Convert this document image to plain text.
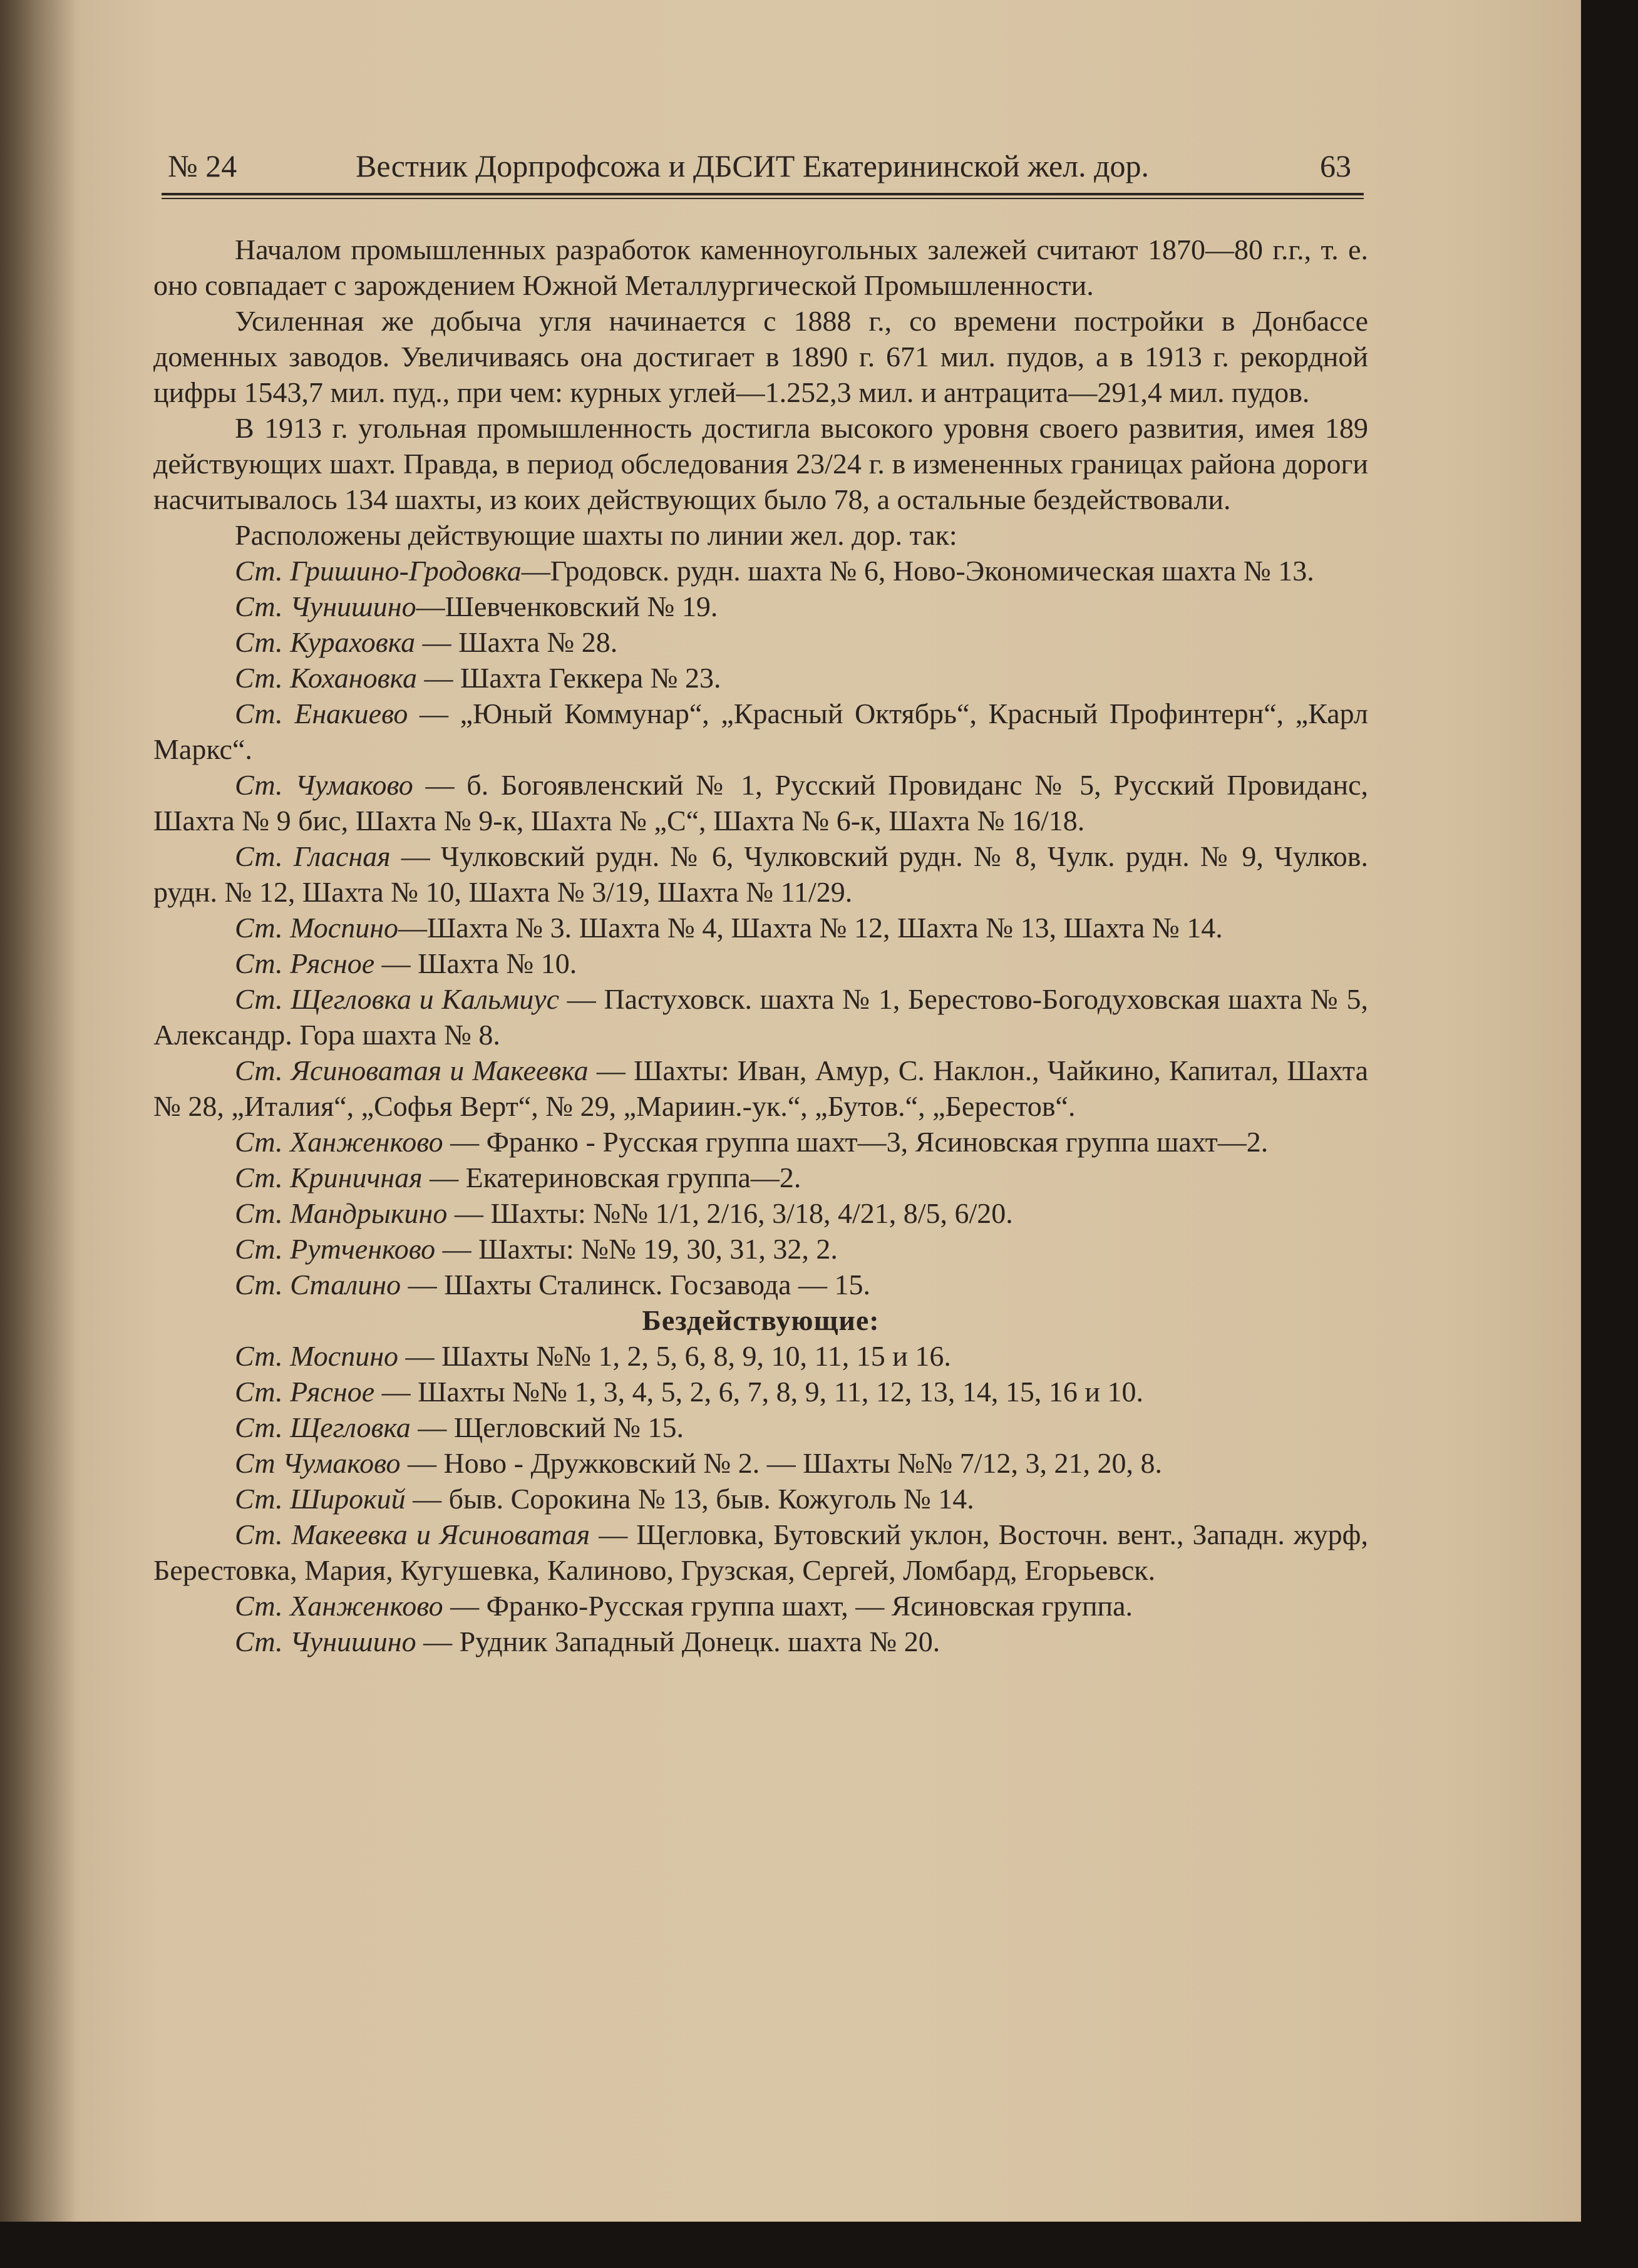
№ 24	Вестник Дорпрофсожа и ДБСИТ Екатерининской жел. дор.	63

Началом промышленных разработок каменноугольных залежей считают 1870—80 г.г., т. е. оно совпадает с зарождением Южной Металлургической Промышленности.

Усиленная же добыча угля начинается с 1888 г., со времени постройки в Донбассе доменных заводов. Увеличиваясь она достигает в 1890 г. 671 мил. пудов, а в 1913 г. рекордной цифры 1543,7 мил. пуд., при чем: курных углей—1.252,3 мил. и антрацита—291,4 мил. пудов.

В 1913 г. угольная промышленность достигла высокого уровня своего развития, имея 189 действующих шахт. Правда, в период обследования 23/24 г. в измененных границах района дороги насчитывалось 134 шахты, из коих действующих было 78, а остальные бездействовали.

Расположены действующие шахты по линии жел. дор. так:

Ст. Гришино-Гродовка—Гродовск. рудн. шахта № 6, Ново-Экономическая шахта № 13.

Ст. Чунишино—Шевченковский № 19.

Ст. Кураховка — Шахта № 28.

Ст. Кохановка — Шахта Геккера № 23.

Ст. Енакиево — „Юный Коммунар“, „Красный Октябрь“, Красный Профинтерн“, „Карл Маркс“.

Ст. Чумаково — б. Богоявленский № 1, Русский Провиданс № 5, Русский Провиданс, Шахта № 9 бис, Шахта № 9-к, Шахта № „С“, Шахта № 6-к, Шахта № 16/18.

Ст. Гласная — Чулковский рудн. № 6, Чулковский рудн. № 8, Чулк. рудн. № 9, Чулков. рудн. № 12, Шахта № 10, Шахта № 3/19, Шахта № 11/29.

Ст. Моспино—Шахта № 3. Шахта № 4, Шахта № 12, Шахта № 13, Шахта № 14.

Ст. Рясное — Шахта № 10.

Ст. Щегловка и Кальмиус — Пастуховск. шахта № 1, Берестово-Богодуховская шахта № 5, Александр. Гора шахта № 8.

Ст. Ясиноватая и Макеевка — Шахты: Иван, Амур, С. Наклон., Чайкино, Капитал, Шахта № 28, „Италия“, „Софья Верт“, № 29, „Мариин.-ук.“, „Бутов.“, „Берестов“.

Ст. Ханженково — Франко - Русская группа шахт—3, Ясиновская группа шахт—2.

Ст. Криничная — Екатериновская группа—2.

Ст. Мандрыкино — Шахты: №№ 1/1, 2/16, 3/18, 4/21, 8/5, 6/20.

Ст. Рутченково — Шахты: №№ 19, 30, 31, 32, 2.

Ст. Сталино — Шахты Сталинск. Госзавода — 15.

Бездействующие:

Ст. Моспино — Шахты №№ 1, 2, 5, 6, 8, 9, 10, 11, 15 и 16.

Ст. Рясное — Шахты №№ 1, 3, 4, 5, 2, 6, 7, 8, 9, 11, 12, 13, 14, 15, 16 и 10.

Ст. Щегловка — Щегловский № 15.

Ст Чумаково — Ново - Дружковский № 2. — Шахты №№ 7/12, 3, 21, 20, 8.

Ст. Широкий — быв. Сорокина № 13, быв. Кожуголь № 14.

Ст. Макеевка и Ясиноватая — Щегловка, Бутовский уклон, Восточн. вент., Западн. журф, Берестовка, Мария, Кугушевка, Калиново, Грузская, Сергей, Ломбард, Егорьевск.

Ст. Ханженково — Франко-Русская группа шахт, — Ясиновская группа.

Ст. Чунишино — Рудник Западный Донецк. шахта № 20.
